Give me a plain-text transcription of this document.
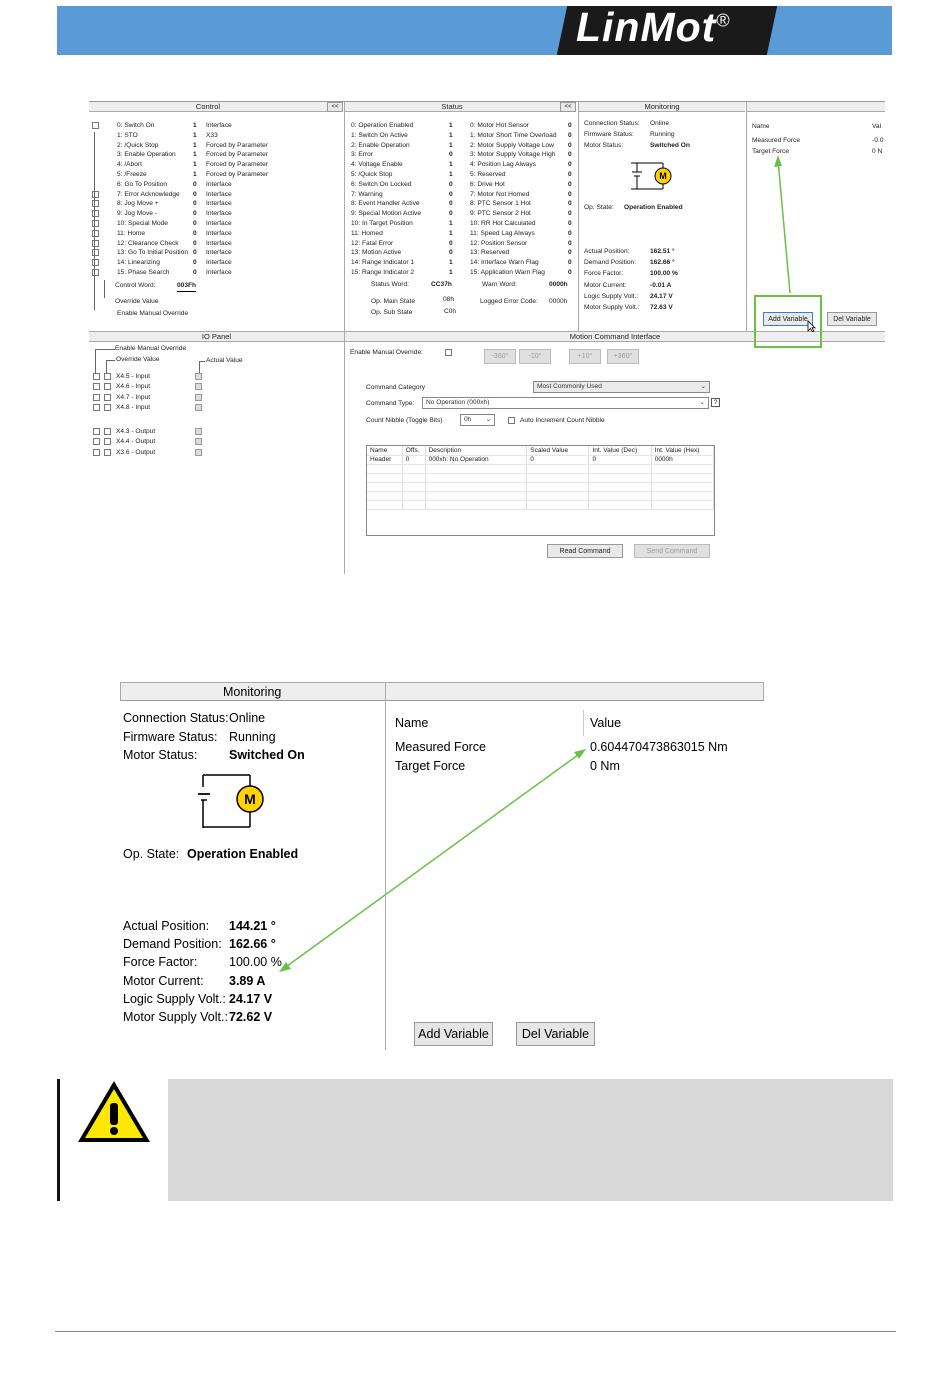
LinMot®
Control	<<	Status	<<	Monitoring
0: Switch On	1 Interface
1: STO	1 X33
2: /Quick Stop	1 Forced by Parameter
3: Enable Operation	1 Forced by Parameter
4: /Abort	1 Forced by Parameter
5: /Freeze	1 Forced by Parameter
6: Go To Position	0 Interface
7: Error Acknowledge 0 Interface
8: Jog Move +	0 Interface
9: Jog Move -	0 Interface
10: Special Mode	0 Interface
11: Home	0 Interface
12: Clearance Check 0 Interface
13: Go To Initial Position 0 Interface
14: Linearizing	0 Interface
15: Phase Search	0 Interface
Control Word:	003Fh
Override Value
Enable Manual Override
0: Operation Enabled	1
1: Switch On Active	1
2: Enable Operation	1
3: Error	0
4: Voltage Enable	1
5: /Quick Stop	1
6: Switch On Locked	0
7: Warning	0
8: Event Handler Active	0
9: Special Motion Active	0
10: In Target Position	1
11: Homed	1
12: Fatal Error	0
13: Motion Active	0
14: Range Indicator 1	1
15: Range Indicator 2	1
0: Motor Hot Sensor	0
1: Motor Short Time Overload 0
2: Motor Supply Voltage Low 0
3: Motor Supply Voltage High 0
4: Position Lag Always	0
5: Reserved	0
6: Drive Hot	0
7: Motor Not Homed	0
8: PTC Sensor 1 Hot	0
9: PTC Sensor 2 Hot	0
10: RR Hot Calculated	0
11: Speed Lag Always	0
12: Position Sensor	0
13: Reserved	0
14: Interface Warn Flag	0
15: Application Warn Flag	0
Status Word:	CC37h	Warn Word:	0000h
Op. Main State	08h
Op. Sub State	C0h
Logged Error Code: 0000h
Connection Status: Online
Firmware Status: Running
Motor Status:	Switched On
M
Op. State: Operation Enabled
Actual Position:	162.51 °
Demand Position: 162.66 °
Force Factor:	100.00 %
Motor Current:	-0.01 A
Logic Supply Volt.: 24.17 V
Motor Supply Volt.: 72.63 V
Name	Val
Measured Force	-0.0
Target Force	0 N
Add Variable	Del Variable
IO Panel
Enable Manual Override
Override Value	Actual Value
X4.5 - Input
X4.6 - Input
X4.7 - Input
X4.8 - Input
X4.3 - Output
X4.4 - Output
X3.6 - Output
Motion Command Interface
Enable Manual Override:
-360°	-10°	+10°	+360°
Command Category	Most Commonly Used	⌄
Command Type:	No Operation (000xh)	⌄	?
Count Nibble (Toggle Bits)	0h ⌄	Auto Increment Count Nibble
Name	Offs.	Description	Scaled Value	Int. Value (Dec)	Int. Value (Hex)
Header	0	000xh: No Operation	0	0	0000h

Read Command	Send Command
Monitoring
Connection Status: Online
Firmware Status: Running
Motor Status:	Switched On
M
Op. State: Operation Enabled
Actual Position: 144.21 °
Demand Position: 162.66 °
Force Factor:	100.00 %
Motor Current: 3.89 A
Logic Supply Volt.: 24.17 V
Motor Supply Volt.: 72.62 V
Name	Value
Measured Force	0.604470473863015 Nm
Target Force	0 Nm
Add Variable	Del Variable
